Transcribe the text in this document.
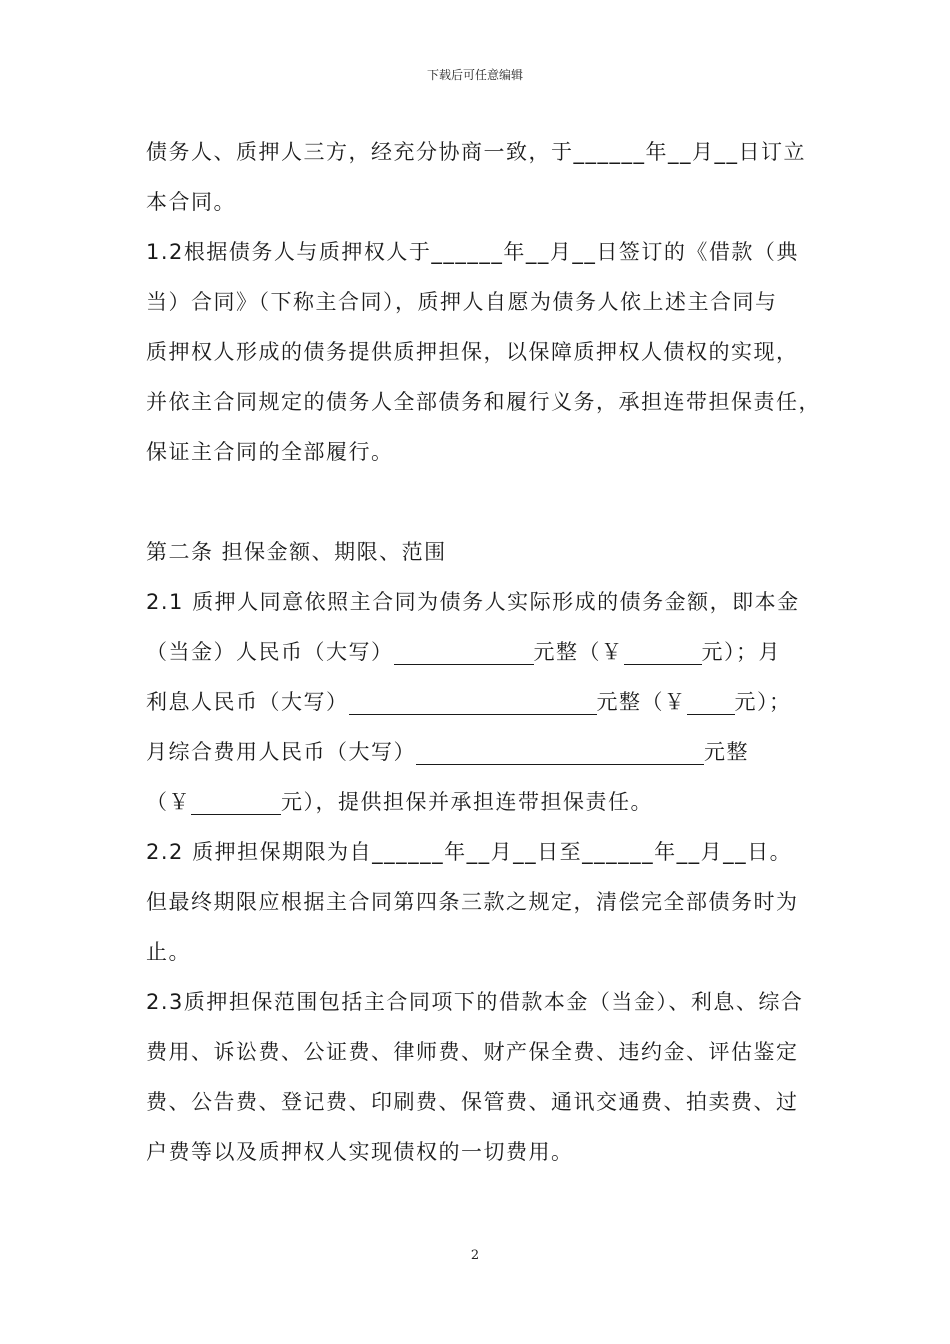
下载后可任意编辑
债务人、质押人三方，经充分协商一致，于______年__月__日订立
本合同。
1.2根据债务人与质押权人于______年__月__日签订的《借款（典
当）合同》（下称主合同），质押人自愿为债务人依上述主合同与
质押权人形成的债务提供质押担保，以保障质押权人债权的实现，
并依主合同规定的债务人全部债务和履行义务，承担连带担保责任，
保证主合同的全部履行。
第二条 担保金额、期限、范围
2.1 质押人同意依照主合同为债务人实际形成的债务金额，即本金
（当金）人民币（大写）	元整（￥	元）；月
利息人民币（大写）	元整（￥ 元）；
月综合费用人民币（大写）	元整
（￥	元），提供担保并承担连带担保责任。
2.2 质押担保期限为自______年__月__日至______年__月__日。
但最终期限应根据主合同第四条三款之规定，清偿完全部债务时为
止。
2.3质押担保范围包括主合同项下的借款本金（当金）、利息、综合
费用、诉讼费、公证费、律师费、财产保全费、违约金、评估鉴定
费、公告费、登记费、印刷费、保管费、通讯交通费、拍卖费、过
户费等以及质押权人实现债权的一切费用。
2
